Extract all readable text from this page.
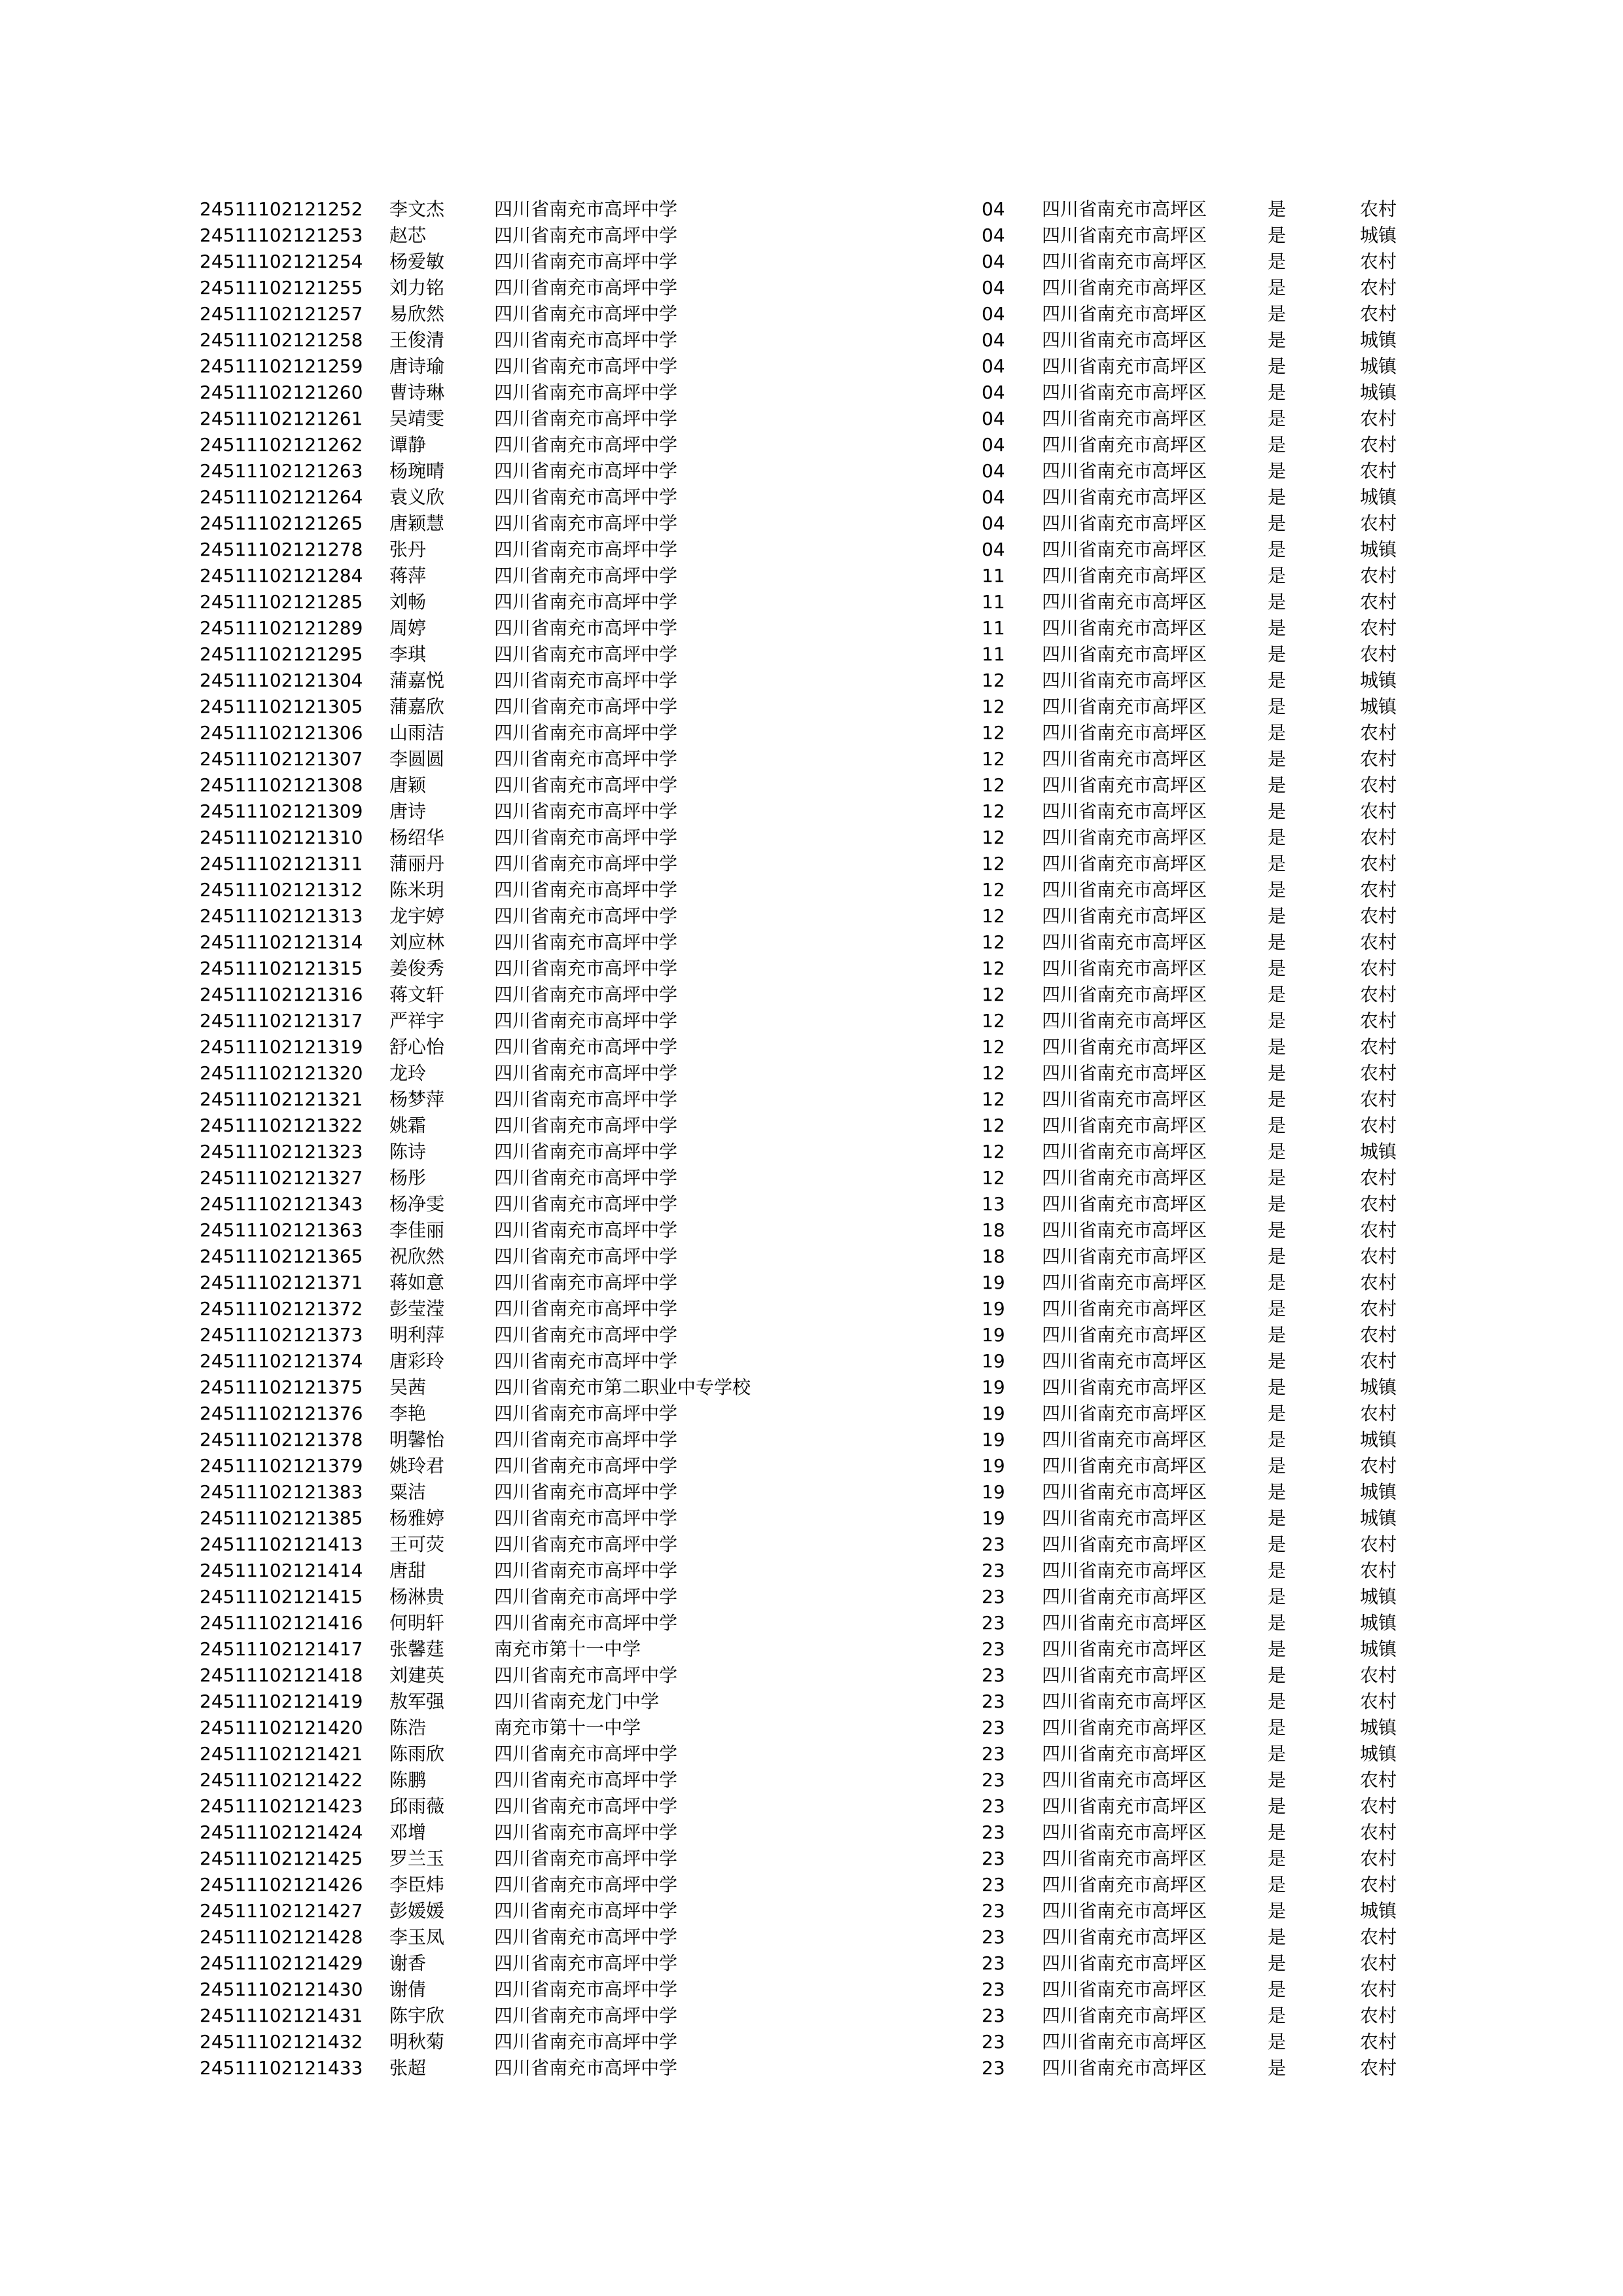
24511102121252 李文杰	四川省南充市高坪中学	04 四川省南充市高坪区	是	农村
24511102121253 赵芯	四川省南充市高坪中学	04 四川省南充市高坪区	是	城镇
24511102121254 杨爱敏	四川省南充市高坪中学	04 四川省南充市高坪区	是	农村
24511102121255 刘力铭	四川省南充市高坪中学	04 四川省南充市高坪区	是	农村
24511102121257 易欣然	四川省南充市高坪中学	04 四川省南充市高坪区	是	农村
24511102121258 王俊清	四川省南充市高坪中学	04 四川省南充市高坪区	是	城镇
24511102121259 唐诗瑜	四川省南充市高坪中学	04 四川省南充市高坪区	是	城镇
24511102121260 曹诗琳	四川省南充市高坪中学	04 四川省南充市高坪区	是	城镇
24511102121261 吴靖雯	四川省南充市高坪中学	04 四川省南充市高坪区	是	农村
24511102121262 谭静	四川省南充市高坪中学	04 四川省南充市高坪区	是	农村
24511102121263 杨琬晴	四川省南充市高坪中学	04 四川省南充市高坪区	是	农村
24511102121264 袁义欣	四川省南充市高坪中学	04 四川省南充市高坪区	是	城镇
24511102121265 唐颖慧	四川省南充市高坪中学	04 四川省南充市高坪区	是	农村
24511102121278 张丹	四川省南充市高坪中学	04 四川省南充市高坪区	是	城镇
24511102121284 蒋萍	四川省南充市高坪中学	11 四川省南充市高坪区	是	农村
24511102121285 刘畅	四川省南充市高坪中学	11 四川省南充市高坪区	是	农村
24511102121289 周婷	四川省南充市高坪中学	11 四川省南充市高坪区	是	农村
24511102121295 李琪	四川省南充市高坪中学	11 四川省南充市高坪区	是	农村
24511102121304 蒲嘉悦	四川省南充市高坪中学	12 四川省南充市高坪区	是	城镇
24511102121305 蒲嘉欣	四川省南充市高坪中学	12 四川省南充市高坪区	是	城镇
24511102121306 山雨洁	四川省南充市高坪中学	12 四川省南充市高坪区	是	农村
24511102121307 李圆圆	四川省南充市高坪中学	12 四川省南充市高坪区	是	农村
24511102121308 唐颖	四川省南充市高坪中学	12 四川省南充市高坪区	是	农村
24511102121309 唐诗	四川省南充市高坪中学	12 四川省南充市高坪区	是	农村
24511102121310 杨绍华	四川省南充市高坪中学	12 四川省南充市高坪区	是	农村
24511102121311 蒲丽丹	四川省南充市高坪中学	12 四川省南充市高坪区	是	农村
24511102121312 陈米玥	四川省南充市高坪中学	12 四川省南充市高坪区	是	农村
24511102121313 龙宇婷	四川省南充市高坪中学	12 四川省南充市高坪区	是	农村
24511102121314 刘应林	四川省南充市高坪中学	12 四川省南充市高坪区	是	农村
24511102121315 姜俊秀	四川省南充市高坪中学	12 四川省南充市高坪区	是	农村
24511102121316 蒋文轩	四川省南充市高坪中学	12 四川省南充市高坪区	是	农村
24511102121317 严祥宇	四川省南充市高坪中学	12 四川省南充市高坪区	是	农村
24511102121319 舒心怡	四川省南充市高坪中学	12 四川省南充市高坪区	是	农村
24511102121320 龙玲	四川省南充市高坪中学	12 四川省南充市高坪区	是	农村
24511102121321 杨梦萍	四川省南充市高坪中学	12 四川省南充市高坪区	是	农村
24511102121322 姚霜	四川省南充市高坪中学	12 四川省南充市高坪区	是	农村
24511102121323 陈诗	四川省南充市高坪中学	12 四川省南充市高坪区	是	城镇
24511102121327 杨彤	四川省南充市高坪中学	12 四川省南充市高坪区	是	农村
24511102121343 杨净雯	四川省南充市高坪中学	13 四川省南充市高坪区	是	农村
24511102121363 李佳丽	四川省南充市高坪中学	18 四川省南充市高坪区	是	农村
24511102121365 祝欣然	四川省南充市高坪中学	18 四川省南充市高坪区	是	农村
24511102121371 蒋如意	四川省南充市高坪中学	19 四川省南充市高坪区	是	农村
24511102121372 彭莹滢	四川省南充市高坪中学	19 四川省南充市高坪区	是	农村
24511102121373 明利萍	四川省南充市高坪中学	19 四川省南充市高坪区	是	农村
24511102121374 唐彩玲	四川省南充市高坪中学	19 四川省南充市高坪区	是	农村
24511102121375 吴茜	四川省南充市第二职业中专学校	19 四川省南充市高坪区	是	城镇
24511102121376 李艳	四川省南充市高坪中学	19 四川省南充市高坪区	是	农村
24511102121378 明馨怡	四川省南充市高坪中学	19 四川省南充市高坪区	是	城镇
24511102121379 姚玲君	四川省南充市高坪中学	19 四川省南充市高坪区	是	农村
24511102121383 粟洁	四川省南充市高坪中学	19 四川省南充市高坪区	是	城镇
24511102121385 杨雅婷	四川省南充市高坪中学	19 四川省南充市高坪区	是	城镇
24511102121413 王可荧	四川省南充市高坪中学	23 四川省南充市高坪区	是	农村
24511102121414 唐甜	四川省南充市高坪中学	23 四川省南充市高坪区	是	农村
24511102121415 杨淋贵	四川省南充市高坪中学	23 四川省南充市高坪区	是	城镇
24511102121416 何明轩	四川省南充市高坪中学	23 四川省南充市高坪区	是	城镇
24511102121417 张馨莛	南充市第十一中学	23 四川省南充市高坪区	是	城镇
24511102121418 刘建英	四川省南充市高坪中学	23 四川省南充市高坪区	是	农村
24511102121419 敖军强	四川省南充龙门中学	23 四川省南充市高坪区	是	农村
24511102121420 陈浩	南充市第十一中学	23 四川省南充市高坪区	是	城镇
24511102121421 陈雨欣	四川省南充市高坪中学	23 四川省南充市高坪区	是	城镇
24511102121422 陈鹏	四川省南充市高坪中学	23 四川省南充市高坪区	是	农村
24511102121423 邱雨薇	四川省南充市高坪中学	23 四川省南充市高坪区	是	农村
24511102121424 邓增	四川省南充市高坪中学	23 四川省南充市高坪区	是	农村
24511102121425 罗兰玉	四川省南充市高坪中学	23 四川省南充市高坪区	是	农村
24511102121426 李臣炜	四川省南充市高坪中学	23 四川省南充市高坪区	是	农村
24511102121427 彭媛媛	四川省南充市高坪中学	23 四川省南充市高坪区	是	城镇
24511102121428 李玉凤	四川省南充市高坪中学	23 四川省南充市高坪区	是	农村
24511102121429 谢香	四川省南充市高坪中学	23 四川省南充市高坪区	是	农村
24511102121430 谢倩	四川省南充市高坪中学	23 四川省南充市高坪区	是	农村
24511102121431 陈宇欣	四川省南充市高坪中学	23 四川省南充市高坪区	是	农村
24511102121432 明秋菊	四川省南充市高坪中学	23 四川省南充市高坪区	是	农村
24511102121433 张超	四川省南充市高坪中学	23 四川省南充市高坪区	是	农村
